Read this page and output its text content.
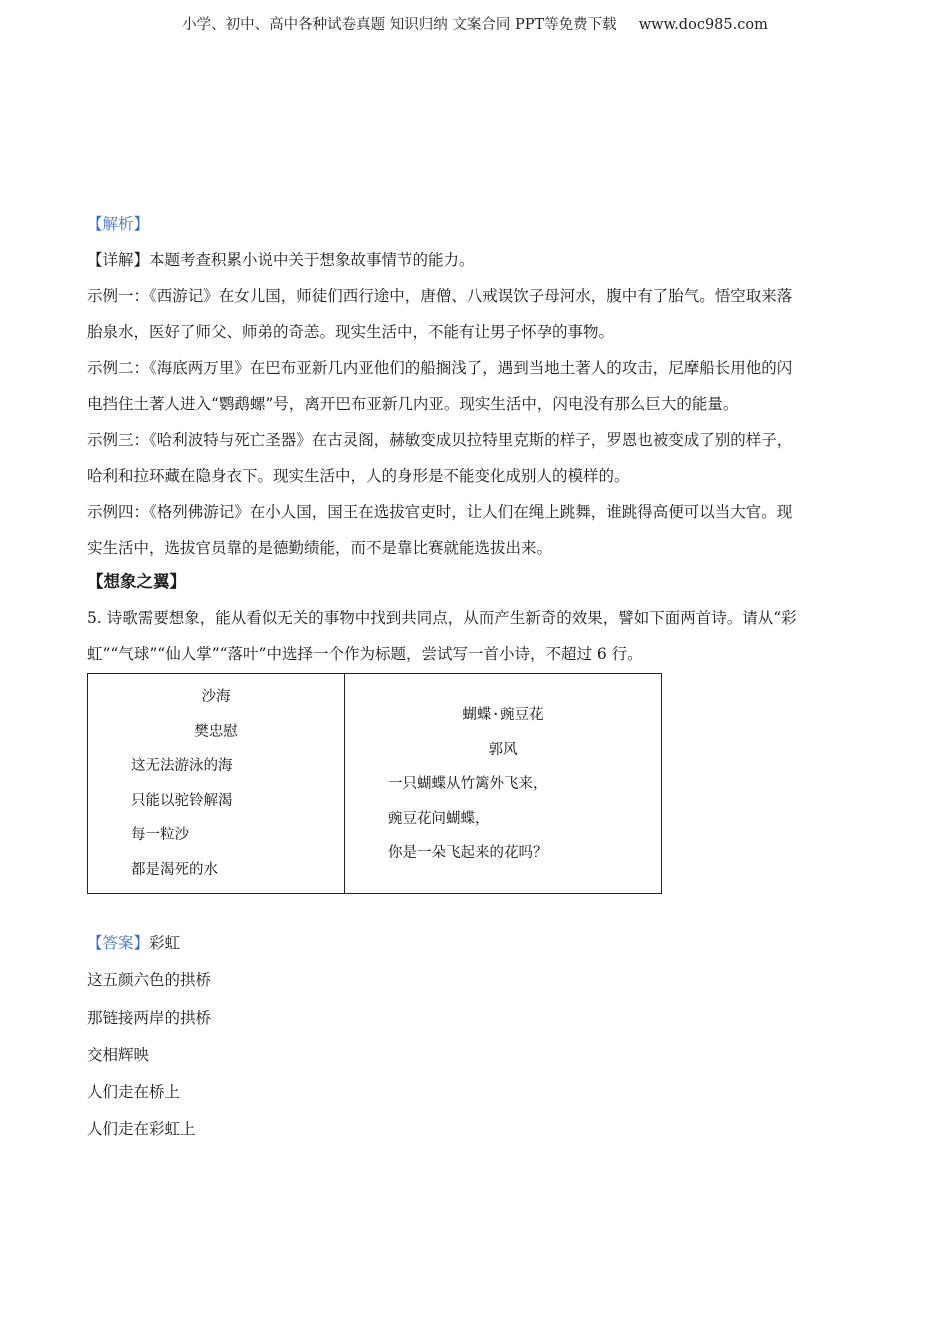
小学、初中、高中各种试卷真题 知识归纳 文案合同 PPT等免费下载 www.doc985.com
【解析】
【详解】本题考查积累小说中关于想象故事情节的能力。
示例一：《西游记》在女儿国，师徒们西行途中，唐僧、八戒误饮子母河水，腹中有了胎气。悟空取来落
胎泉水，医好了师父、师弟的奇恙。现实生活中，不能有让男子怀孕的事物。
示例二：《海底两万里》在巴布亚新几内亚他们的船搁浅了，遇到当地土著人的攻击，尼摩船长用他的闪
电挡住土著人进入“鹦鹉螺”号，离开巴布亚新几内亚。现实生活中，闪电没有那么巨大的能量。
示例三：《哈利波特与死亡圣器》在古灵阁，赫敏变成贝拉特里克斯的样子，罗恩也被变成了别的样子，
哈利和拉环藏在隐身衣下。现实生活中，人的身形是不能变化成别人的模样的。
示例四：《格列佛游记》在小人国，国王在选拔官吏时，让人们在绳上跳舞，谁跳得高便可以当大官。现
实生活中，选拔官员靠的是德勤绩能，而不是靠比赛就能选拔出来。
【想象之翼】
5. 诗歌需要想象，能从看似无关的事物中找到共同点，从而产生新奇的效果，譬如下面两首诗。请从“彩
虹”“气球”“仙人掌”“落叶”中选择一个作为标题，尝试写一首小诗，不超过 6 行。
沙海
樊忠慰
这无法游泳的海
只能以驼铃解渴
每一粒沙
都是渴死的水
蝴蝶·豌豆花
郭风
一只蝴蝶从竹篱外飞来，
豌豆花问蝴蝶，
你是一朵飞起来的花吗？
【答案】彩虹
这五颜六色的拱桥
那链接两岸的拱桥
交相辉映
人们走在桥上
人们走在彩虹上
